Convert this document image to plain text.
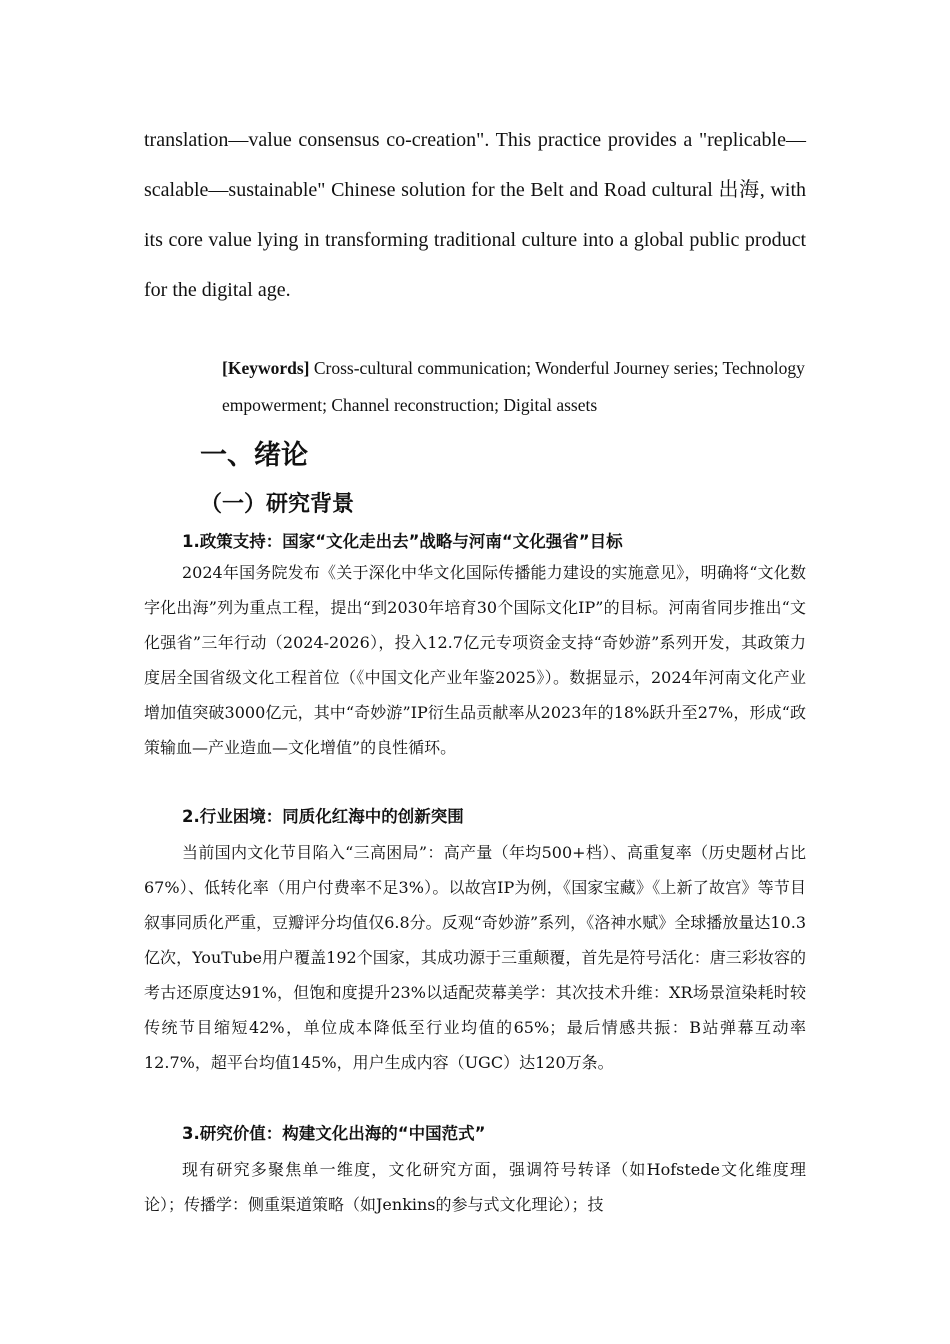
translation—value consensus co-creation". This practice provides a "replicable—scalable—sustainable" Chinese solution for the Belt and Road cultural 出海, with its core value lying in transforming traditional culture into a global public product for the digital age.

[Keywords] Cross-cultural communication; Wonderful Journey series; Technology empowerment; Channel reconstruction; Digital assets
一、绪论
（一）研究背景
1.政策支持：国家“文化走出去”战略与河南“文化强省”目标

2024年国务院发布《关于深化中华文化国际传播能力建设的实施意见》，明确将“文化数字化出海”列为重点工程，提出“到2030年培育30个国际文化IP”的目标。河南省同步推出“文化强省”三年行动（2024-2026），投入12.7亿元专项资金支持“奇妙游”系列开发，其政策力度居全国省级文化工程首位（《中国文化产业年鉴2025》）。数据显示，2024年河南文化产业增加值突破3000亿元，其中“奇妙游”IP衍生品贡献率从2023年的18%跃升至27%，形成“政策输血—产业造血—文化增值”的良性循环。

2.行业困境：同质化红海中的创新突围

当前国内文化节目陷入“三高困局”：高产量（年均500+档）、高重复率（历史题材占比67%）、低转化率（用户付费率不足3%）。以故宫IP为例，《国家宝藏》《上新了故宫》等节目叙事同质化严重，豆瓣评分均值仅6.8分。反观“奇妙游”系列，《洛神水赋》全球播放量达10.3亿次，YouTube用户覆盖192个国家，其成功源于三重颠覆，首先是符号活化：唐三彩妆容的考古还原度达91%，但饱和度提升23%以适配荧幕美学：其次技术升维：XR场景渲染耗时较传统节目缩短42%，单位成本降低至行业均值的65%；最后情感共振：B站弹幕互动率12.7%，超平台均值145%，用户生成内容（UGC）达120万条。

3.研究价值：构建文化出海的“中国范式”

现有研究多聚焦单一维度，文化研究方面，强调符号转译（如Hofstede文化维度理论）；传播学：侧重渠道策略（如Jenkins的参与式文化理论）；技
